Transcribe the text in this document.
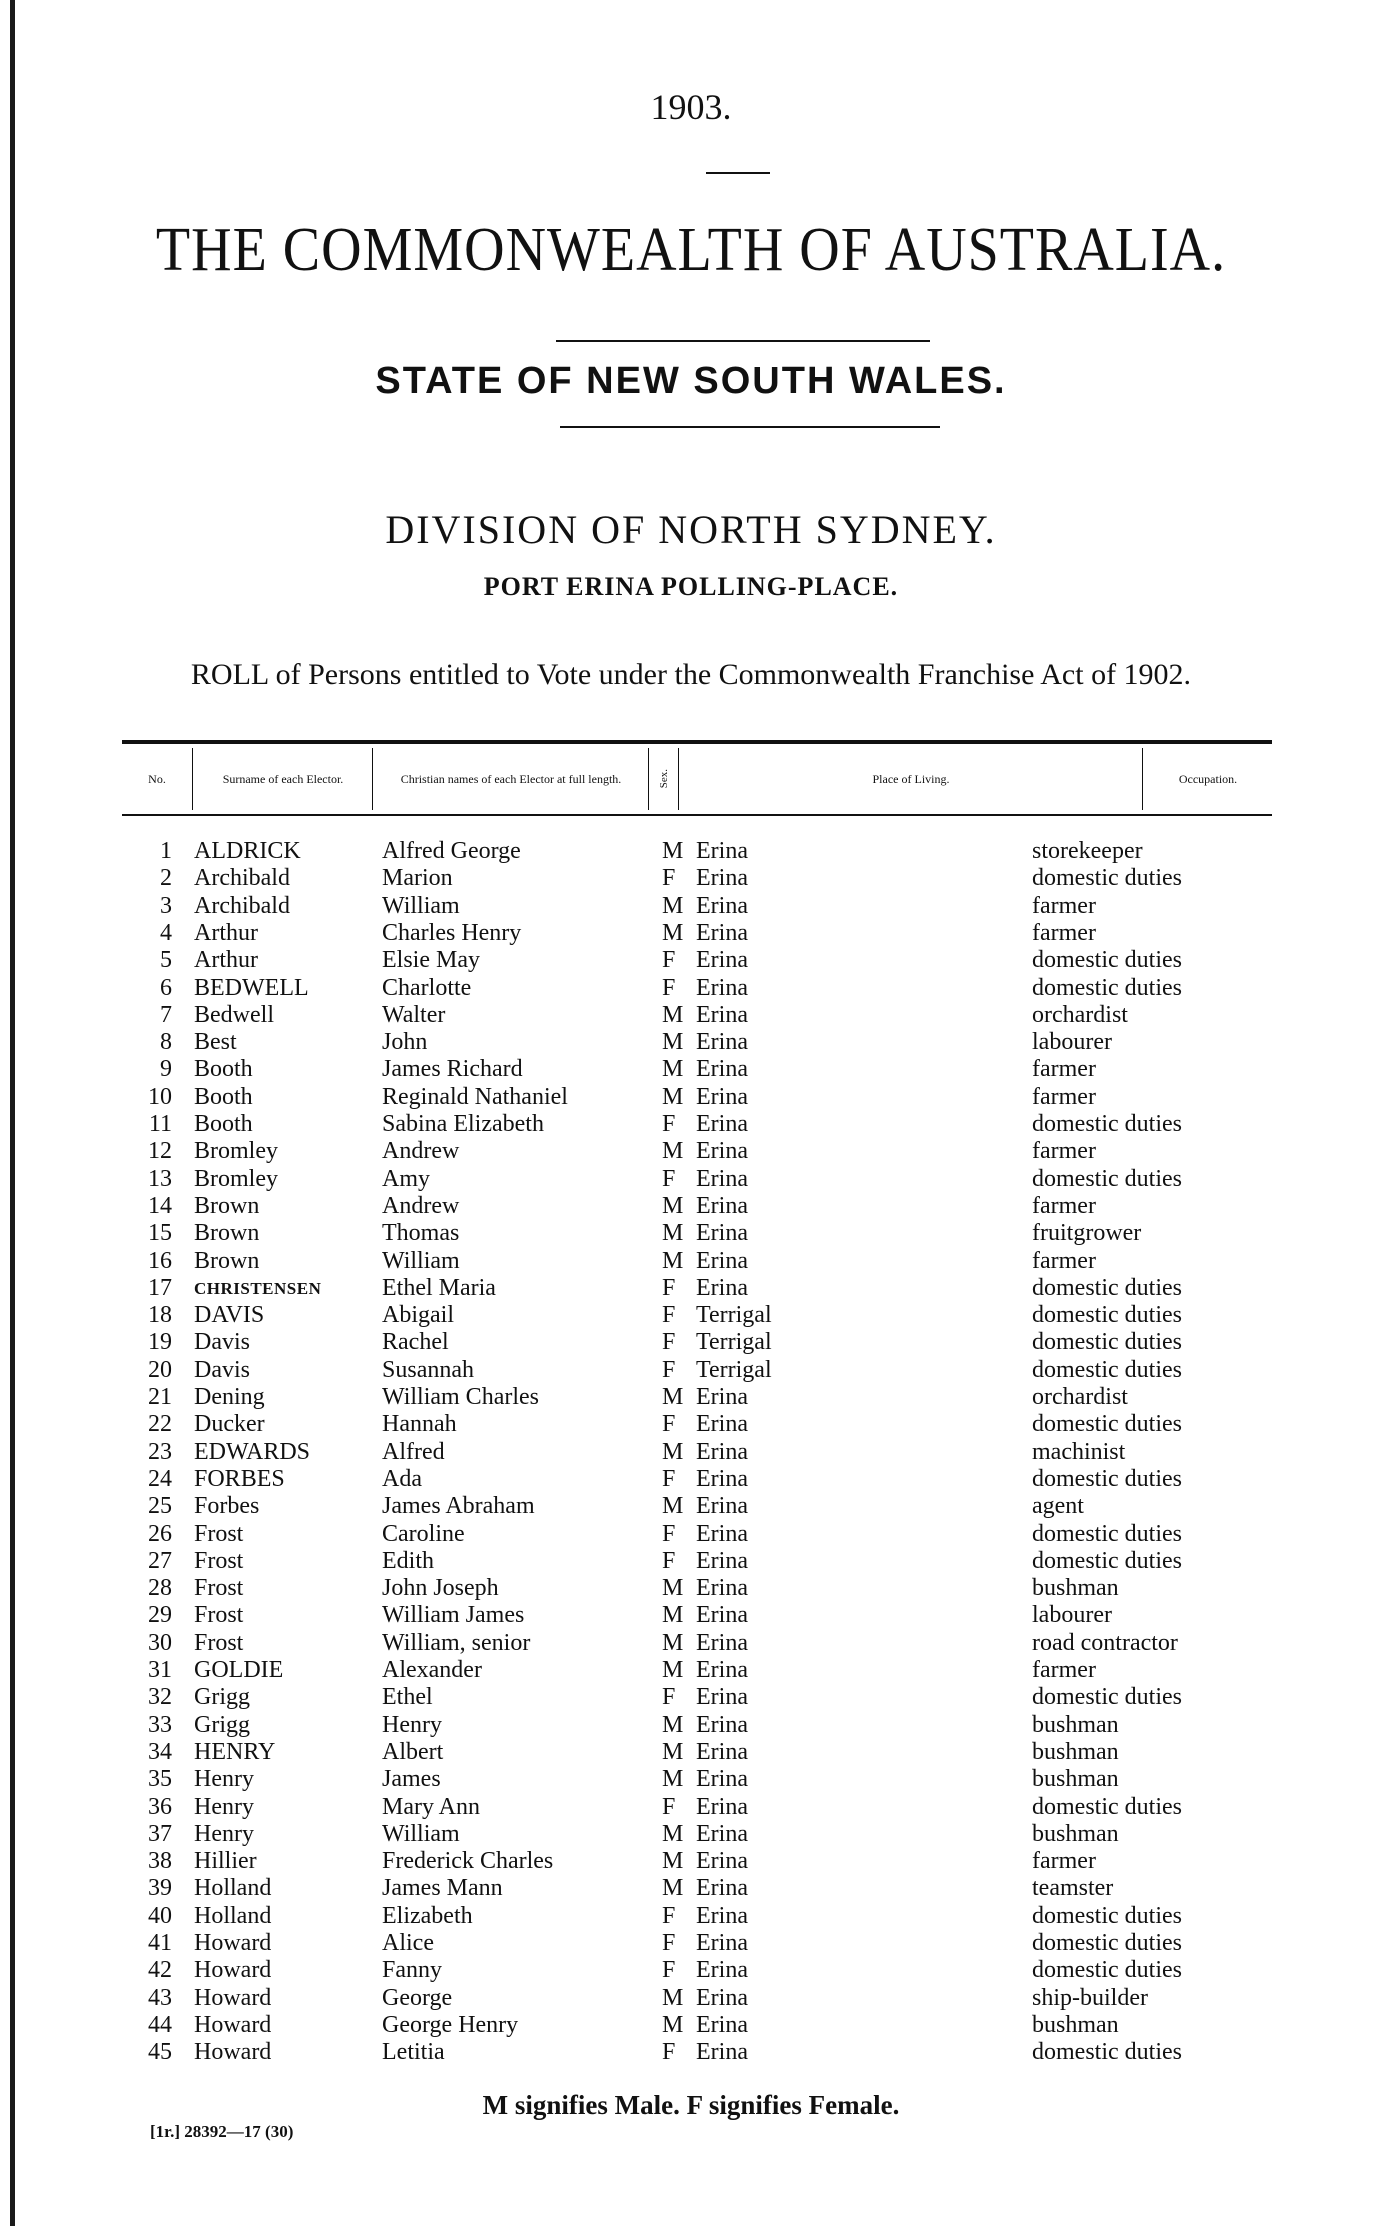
1903.
THE COMMONWEALTH OF AUSTRALIA.
STATE OF NEW SOUTH WALES.
DIVISION OF NORTH SYDNEY.
PORT ERINA POLLING-PLACE.
ROLL of Persons entitled to Vote under the Commonwealth Franchise Act of 1902.
No.	Surname of each Elector.	Christian names of each Elector at full length.	Sex.	Place of Living.	Occupation.
1 ALDRICK	Alfred George	M Erina	storekeeper
2 Archibald	Marion	F Erina	domestic duties
3 Archibald	William	M Erina	farmer
4 Arthur	Charles Henry	M Erina	farmer
5 Arthur	Elsie May	F Erina	domestic duties
6 BEDWELL	Charlotte	F Erina	domestic duties
7 Bedwell	Walter	M Erina	orchardist
8 Best	John	M Erina	labourer
9 Booth	James Richard	M Erina	farmer
10 Booth	Reginald Nathaniel	M Erina	farmer
11 Booth	Sabina Elizabeth	F Erina	domestic duties
12 Bromley	Andrew	M Erina	farmer
13 Bromley	Amy	F Erina	domestic duties
14 Brown	Andrew	M Erina	farmer
15 Brown	Thomas	M Erina	fruitgrower
16 Brown	William	M Erina	farmer
17 CHRISTENSEN	Ethel Maria	F Erina	domestic duties
18 DAVIS	Abigail	F Terrigal	domestic duties
19 Davis	Rachel	F Terrigal	domestic duties
20 Davis	Susannah	F Terrigal	domestic duties
21 Dening	William Charles	M Erina	orchardist
22 Ducker	Hannah	F Erina	domestic duties
23 EDWARDS	Alfred	M Erina	machinist
24 FORBES	Ada	F Erina	domestic duties
25 Forbes	James Abraham	M Erina	agent
26 Frost	Caroline	F Erina	domestic duties
27 Frost	Edith	F Erina	domestic duties
28 Frost	John Joseph	M Erina	bushman
29 Frost	William James	M Erina	labourer
30 Frost	William, senior	M Erina	road contractor
31 GOLDIE	Alexander	M Erina	farmer
32 Grigg	Ethel	F Erina	domestic duties
33 Grigg	Henry	M Erina	bushman
34 HENRY	Albert	M Erina	bushman
35 Henry	James	M Erina	bushman
36 Henry	Mary Ann	F Erina	domestic duties
37 Henry	William	M Erina	bushman
38 Hillier	Frederick Charles	M Erina	farmer
39 Holland	James Mann	M Erina	teamster
40 Holland	Elizabeth	F Erina	domestic duties
41 Howard	Alice	F Erina	domestic duties
42 Howard	Fanny	F Erina	domestic duties
43 Howard	George	M Erina	ship-builder
44 Howard	George Henry	M Erina	bushman
45 Howard	Letitia	F Erina	domestic duties
M signifies Male. F signifies Female.
[1r.] 28392—17 (30)
